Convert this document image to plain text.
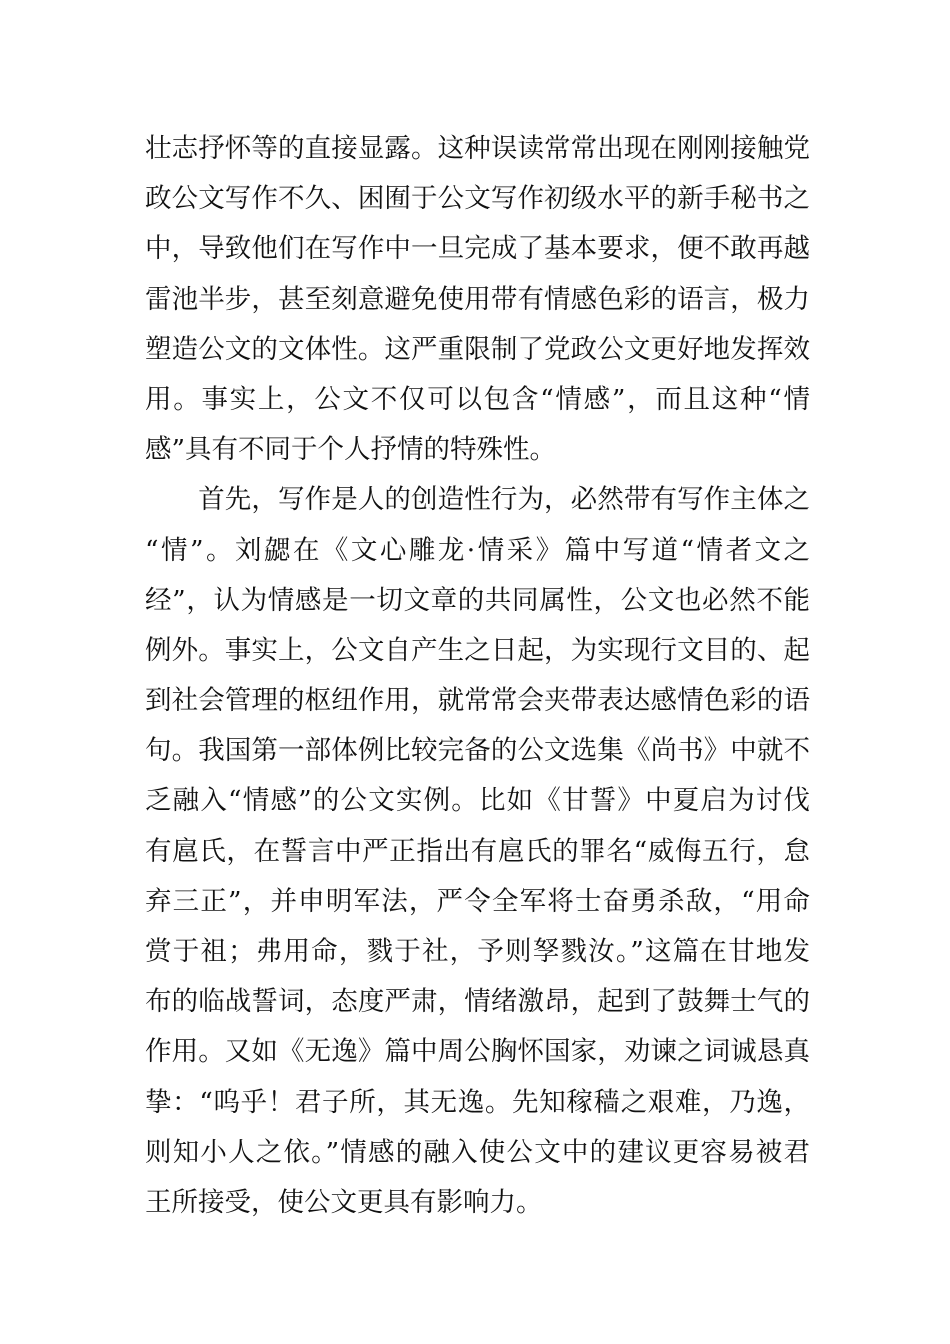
壮志抒怀等的直接显露。这种误读常常出现在刚刚接触党
政公文写作不久、困囿于公文写作初级水平的新手秘书之
中，导致他们在写作中一旦完成了基本要求，便不敢再越
雷池半步，甚至刻意避免使用带有情感色彩的语言，极力
塑造公文的文体性。这严重限制了党政公文更好地发挥效
用。事实上，公文不仅可以包含“情感”，而且这种“情
感”具有不同于个人抒情的特殊性。
　　首先，写作是人的创造性行为，必然带有写作主体之
“情”。刘勰在《文心雕龙·情采》篇中写道“情者文之
经”，认为情感是一切文章的共同属性，公文也必然不能
例外。事实上，公文自产生之日起，为实现行文目的、起
到社会管理的枢纽作用，就常常会夹带表达感情色彩的语
句。我国第一部体例比较完备的公文选集《尚书》中就不
乏融入“情感”的公文实例。比如《甘誓》中夏启为讨伐
有扈氏，在誓言中严正指出有扈氏的罪名“威侮五行，怠
弃三正”，并申明军法，严令全军将士奋勇杀敌，“用命
赏于祖；弗用命，戮于社，予则孥戮汝。”这篇在甘地发
布的临战誓词，态度严肃，情绪激昂，起到了鼓舞士气的
作用。又如《无逸》篇中周公胸怀国家，劝谏之词诚恳真
挚：“呜乎！君子所，其无逸。先知稼穑之艰难，乃逸，
则知小人之依。”情感的融入使公文中的建议更容易被君
王所接受，使公文更具有影响力。
